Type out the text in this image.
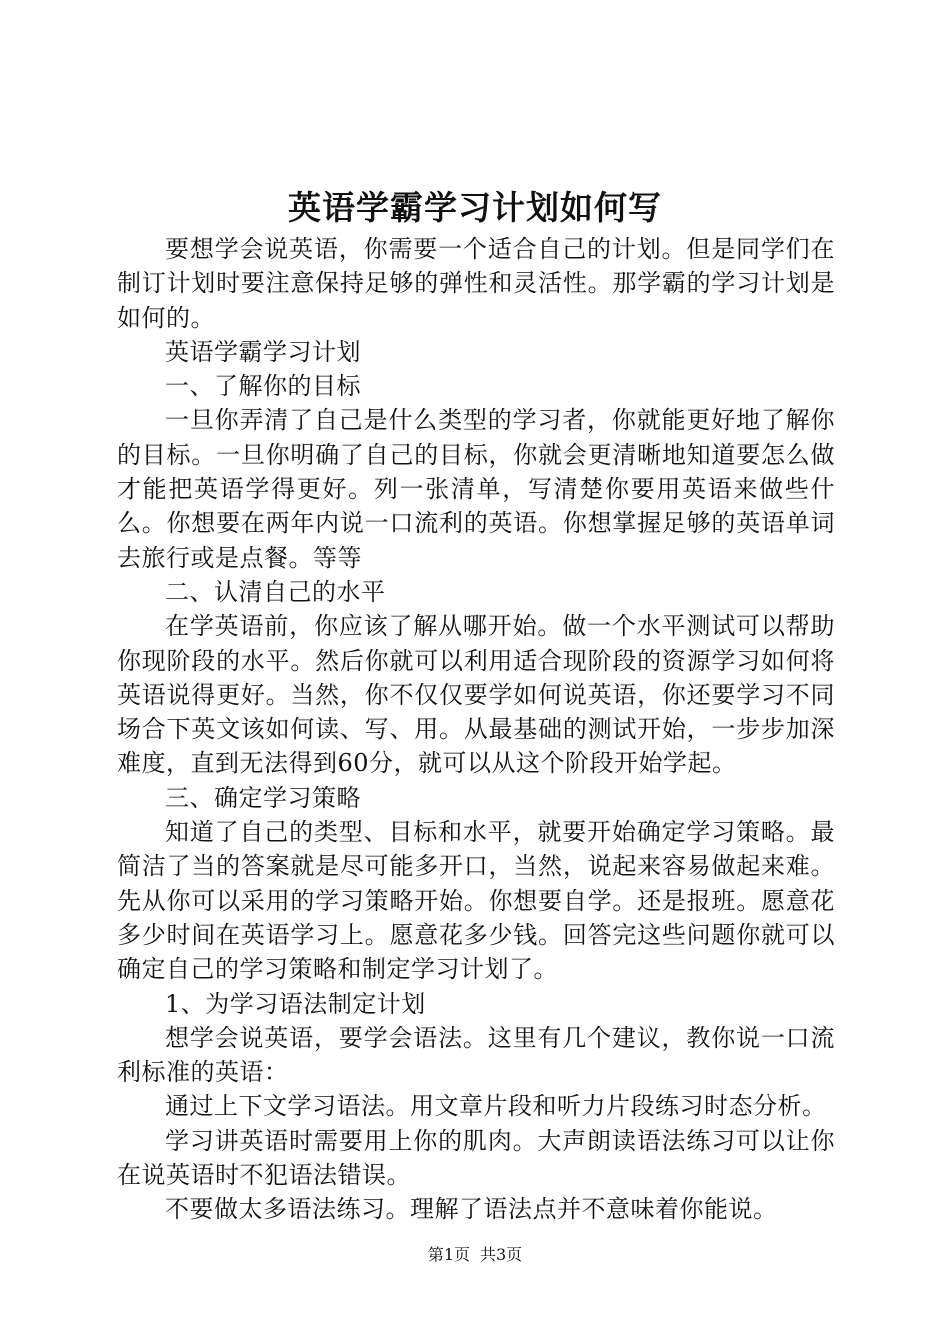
英语学霸学习计划如何写

要想学会说英语，你需要一个适合自己的计划。但是同学们在制订计划时要注意保持足够的弹性和灵活性。那学霸的学习计划是如何的。

英语学霸学习计划

一、了解你的目标

一旦你弄清了自己是什么类型的学习者，你就能更好地了解你的目标。一旦你明确了自己的目标，你就会更清晰地知道要怎么做才能把英语学得更好。列一张清单，写清楚你要用英语来做些什么。你想要在两年内说一口流利的英语。你想掌握足够的英语单词去旅行或是点餐。等等

二、认清自己的水平

在学英语前，你应该了解从哪开始。做一个水平测试可以帮助你现阶段的水平。然后你就可以利用适合现阶段的资源学习如何将英语说得更好。当然，你不仅仅要学如何说英语，你还要学习不同场合下英文该如何读、写、用。从最基础的测试开始，一步步加深难度，直到无法得到60分，就可以从这个阶段开始学起。

三、确定学习策略

知道了自己的类型、目标和水平，就要开始确定学习策略。最简洁了当的答案就是尽可能多开口，当然，说起来容易做起来难。先从你可以采用的学习策略开始。你想要自学。还是报班。愿意花多少时间在英语学习上。愿意花多少钱。回答完这些问题你就可以确定自己的学习策略和制定学习计划了。

1、为学习语法制定计划

想学会说英语，要学会语法。这里有几个建议，教你说一口流利标准的英语：

通过上下文学习语法。用文章片段和听力片段练习时态分析。

学习讲英语时需要用上你的肌肉。大声朗读语法练习可以让你在说英语时不犯语法错误。

不要做太多语法练习。理解了语法点并不意味着你能说。

第1页 共3页
